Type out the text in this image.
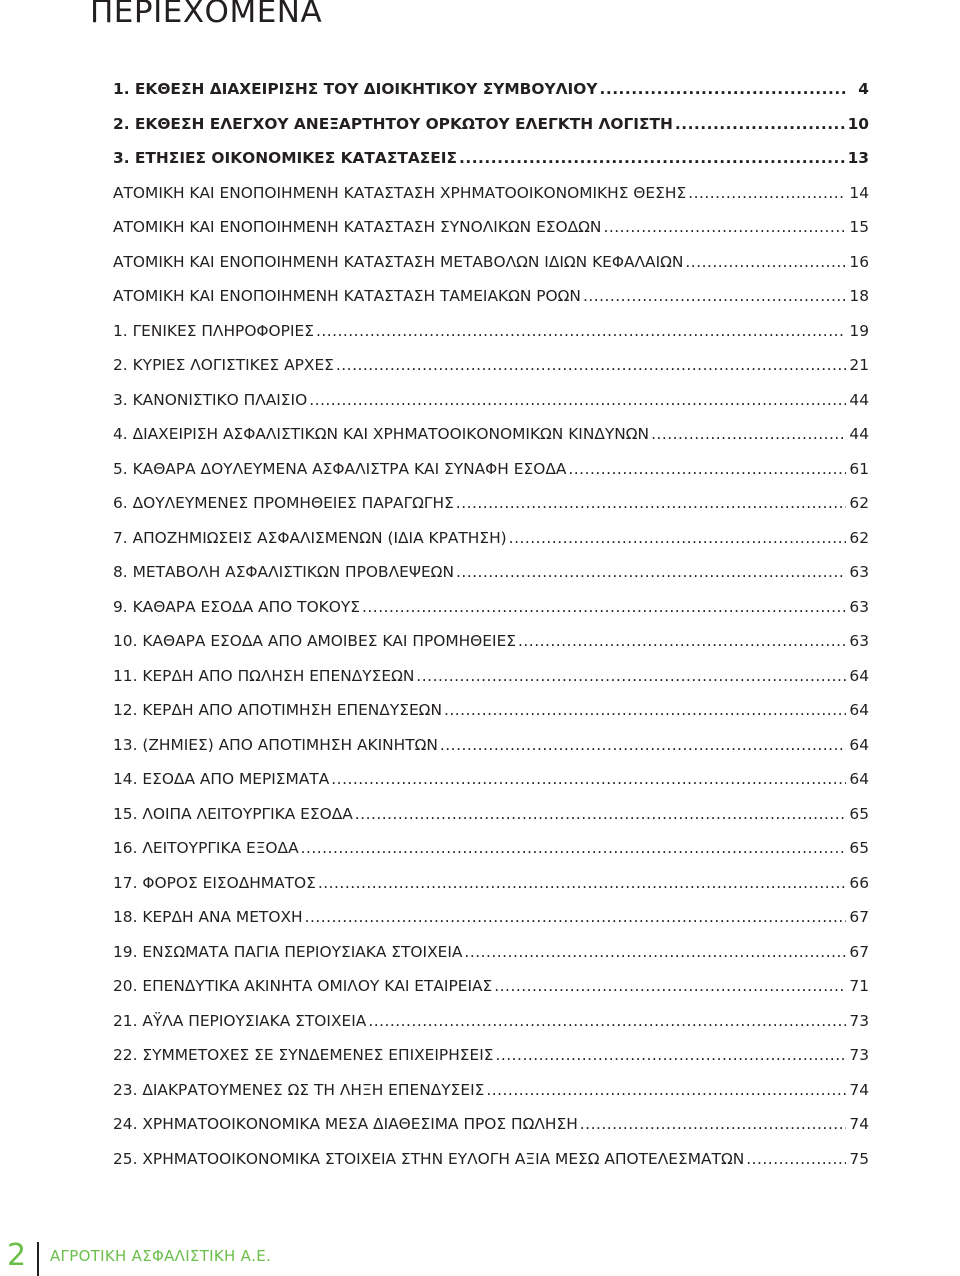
ΠΕΡΙΕΧΟΜΕΝΑ
1. ΕΚΘΕΣΗ ΔΙΑΧΕΙΡΙΣΗΣ ΤΟΥ ΔΙΟΙΚΗΤΙΚΟΥ ΣΥΜΒΟΥΛΙΟΥ .....	4
2. ΕΚΘΕΣΗ ΕΛΕΓΧΟΥ ΑΝΕΞΑΡΤΗΤΟΥ ΟΡΚΩΤΟΥ ΕΛΕΓΚΤΗ ΛΟΓΙΣΤΗ .....	10
3. ΕΤΗΣΙΕΣ ΟΙΚΟΝΟΜΙΚΕΣ ΚΑΤΑΣΤΑΣΕΙΣ .....	13
ΑΤΟΜΙΚΗ ΚΑΙ ΕΝΟΠΟΙΗΜΕΝΗ ΚΑΤΑΣΤΑΣΗ ΧΡΗΜΑΤΟΟΙΚΟΝΟΜΙΚΗΣ ΘΕΣΗΣ .....	14
ΑΤΟΜΙΚΗ ΚΑΙ ΕΝΟΠΟΙΗΜΕΝΗ ΚΑΤΑΣΤΑΣΗ ΣΥΝΟΛΙΚΩΝ ΕΣΟΔΩΝ .....	15
ΑΤΟΜΙΚΗ ΚΑΙ ΕΝΟΠΟΙΗΜΕΝΗ ΚΑΤΑΣΤΑΣΗ ΜΕΤΑΒΟΛΩΝ ΙΔΙΩΝ ΚΕΦΑΛΑΙΩΝ .....	16
ΑΤΟΜΙΚΗ ΚΑΙ ΕΝΟΠΟΙΗΜΕΝΗ ΚΑΤΑΣΤΑΣΗ ΤΑΜΕΙΑΚΩΝ ΡΟΩΝ .....	18
1. ΓΕΝΙΚΕΣ ΠΛΗΡΟΦΟΡΙΕΣ .....	19
2. ΚΥΡΙΕΣ ΛΟΓΙΣΤΙΚΕΣ ΑΡΧΕΣ .....	21
3. ΚΑΝΟΝΙΣΤΙΚΟ ΠΛΑΙΣΙΟ .....	44
4. ΔΙΑΧΕΙΡΙΣΗ ΑΣΦΑΛΙΣΤΙΚΩΝ ΚΑΙ ΧΡΗΜΑΤΟΟΙΚΟΝΟΜΙΚΩΝ ΚΙΝΔΥΝΩΝ .....	44
5. ΚΑΘΑΡΑ ΔΟΥΛΕΥΜΕΝΑ ΑΣΦΑΛΙΣΤΡΑ ΚΑΙ ΣΥΝΑΦΗ ΕΣΟΔΑ .....	61
6. ΔΟΥΛΕΥΜΕΝΕΣ ΠΡΟΜΗΘΕΙΕΣ ΠΑΡΑΓΩΓΗΣ .....	62
7. ΑΠΟΖΗΜΙΩΣΕΙΣ ΑΣΦΑΛΙΣΜΕΝΩΝ (ΙΔΙΑ ΚΡΑΤΗΣΗ) .....	62
8. ΜΕΤΑΒΟΛΗ ΑΣΦΑΛΙΣΤΙΚΩΝ ΠΡΟΒΛΕΨΕΩΝ .....	63
9. ΚΑΘΑΡΑ ΕΣΟΔΑ ΑΠΟ ΤΟΚΟΥΣ .....	63
10. ΚΑΘΑΡΑ ΕΣΟΔΑ ΑΠΟ ΑΜΟΙΒΕΣ ΚΑΙ ΠΡΟΜΗΘΕΙΕΣ .....	63
11. ΚΕΡΔΗ ΑΠΟ ΠΩΛΗΣΗ ΕΠΕΝΔΥΣΕΩΝ .....	64
12. ΚΕΡΔΗ ΑΠΟ ΑΠΟΤΙΜΗΣΗ ΕΠΕΝΔΥΣΕΩΝ .....	64
13. (ΖΗΜΙΕΣ) ΑΠΟ ΑΠΟΤΙΜΗΣΗ ΑΚΙΝΗΤΩΝ .....	64
14. ΕΣΟΔΑ ΑΠΟ ΜΕΡΙΣΜΑΤΑ .....	64
15. ΛΟΙΠΑ ΛΕΙΤΟΥΡΓΙΚΑ ΕΣΟΔΑ .....	65
16. ΛΕΙΤΟΥΡΓΙΚΑ ΕΞΟΔΑ .....	65
17. ΦΟΡΟΣ ΕΙΣΟΔΗΜΑΤΟΣ .....	66
18. ΚΕΡΔΗ ΑΝΑ ΜΕΤΟΧΗ .....	67
19. ΕΝΣΩΜΑΤΑ ΠΑΓΙΑ ΠΕΡΙΟΥΣΙΑΚΑ ΣΤΟΙΧΕΙΑ .....	67
20. ΕΠΕΝΔΥΤΙΚΑ ΑΚΙΝΗΤΑ ΟΜΙΛΟΥ ΚΑΙ ΕΤΑΙΡΕΙΑΣ .....	71
21. ΑΫΛΑ ΠΕΡΙΟΥΣΙΑΚΑ ΣΤΟΙΧΕΙΑ .....	73
22. ΣΥΜΜΕΤΟΧΕΣ ΣΕ ΣΥΝΔΕΜΕΝΕΣ ΕΠΙΧΕΙΡΗΣΕΙΣ .....	73
23. ΔΙΑΚΡΑΤΟΥΜΕΝΕΣ ΩΣ ΤΗ ΛΗΞΗ ΕΠΕΝΔΥΣΕΙΣ .....	74
24. ΧΡΗΜΑΤΟΟΙΚΟΝΟΜΙΚΑ ΜΕΣΑ ΔΙΑΘΕΣΙΜΑ ΠΡΟΣ ΠΩΛΗΣΗ .....	74
25. ΧΡΗΜΑΤΟΟΙΚΟΝΟΜΙΚΑ ΣΤΟΙΧΕΙΑ ΣΤΗΝ ΕΥΛΟΓΗ ΑΞΙΑ ΜΕΣΩ ΑΠΟΤΕΛΕΣΜΑΤΩΝ .....	75
2 ΑΓΡΟΤΙΚΗ ΑΣΦΑΛΙΣΤΙΚΗ Α.Ε.
